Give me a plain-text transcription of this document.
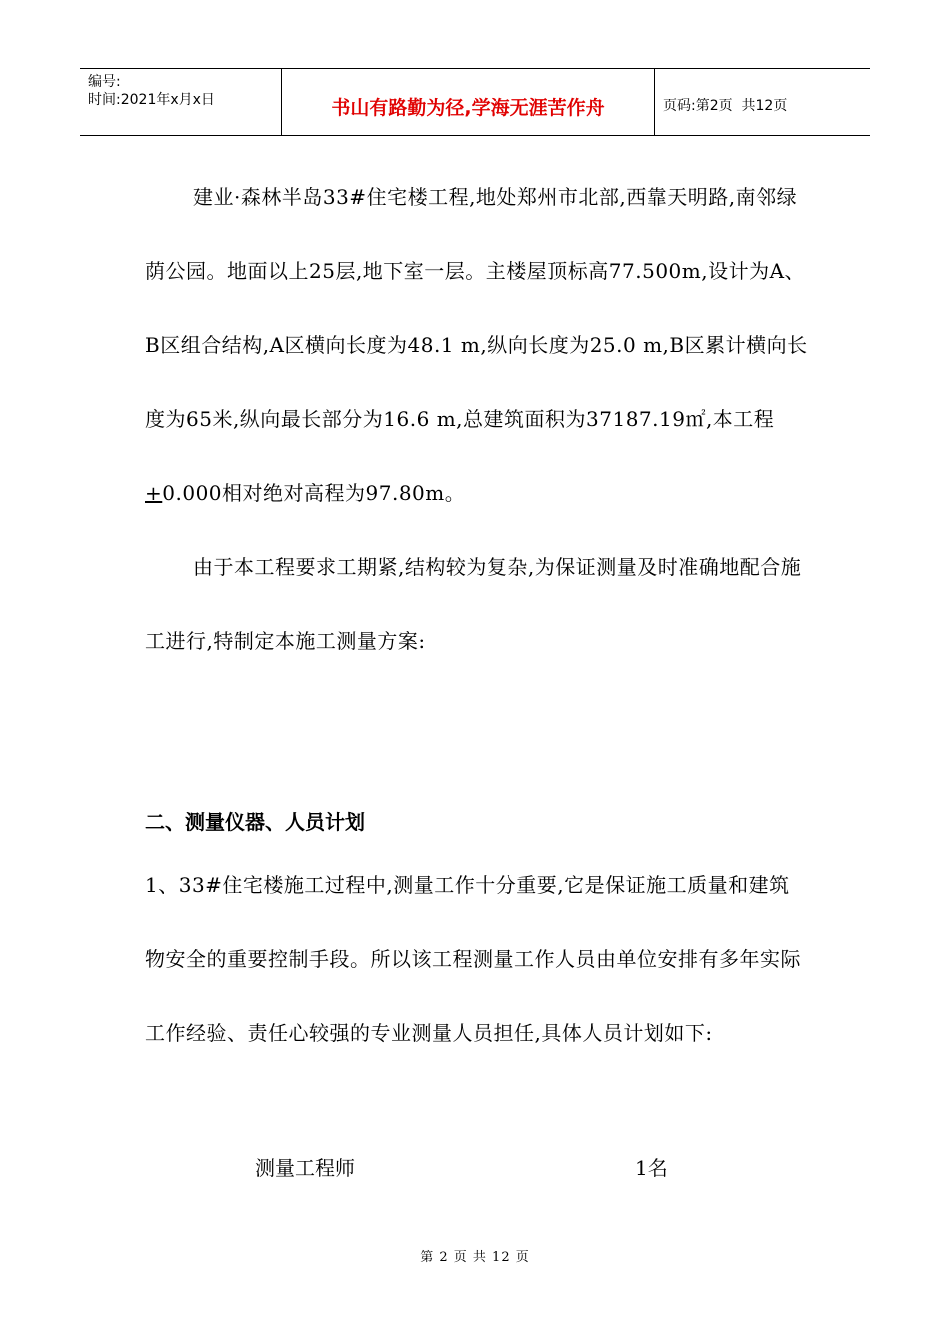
编号:
时间:2021年x月x日	书山有路勤为径,学海无涯苦作舟	页码:第2页  共12页

建业·森林半岛33#住宅楼工程,地处郑州市北部,西靠天明路,南邻绿荫公园。地面以上25层,地下室一层。主楼屋顶标高77.500m,设计为A、B区组合结构,A区横向长度为48.1 m,纵向长度为25.0 m,B区累计横向长度为65米,纵向最长部分为16.6 m,总建筑面积为37187.19㎡,本工程+0.000相对绝对高程为97.80m。

由于本工程要求工期紧,结构较为复杂,为保证测量及时准确地配合施工进行,特制定本施工测量方案:

二、测量仪器、人员计划

1、33#住宅楼施工过程中,测量工作十分重要,它是保证施工质量和建筑物安全的重要控制手段。所以该工程测量工作人员由单位安排有多年实际工作经验、责任心较强的专业测量人员担任,具体人员计划如下:

测量工程师	1名
第 2 页 共 12 页
